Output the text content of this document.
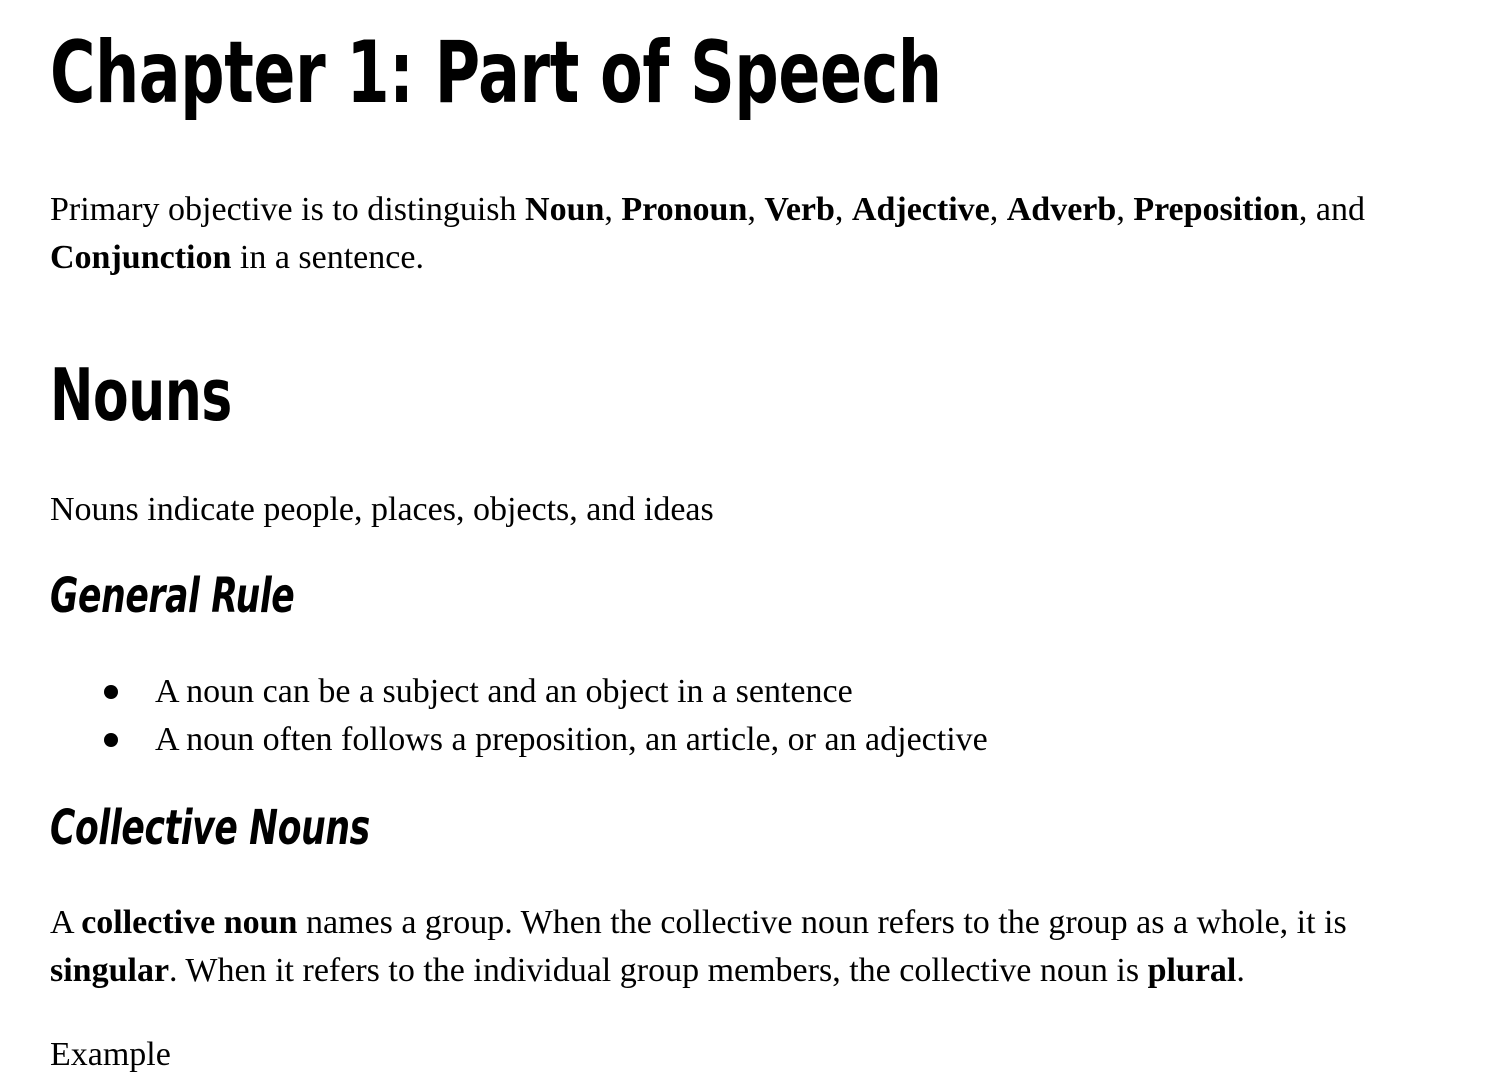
Chapter 1: Part of Speech

Primary objective is to distinguish Noun, Pronoun, Verb, Adjective, Adverb, Preposition, and Conjunction in a sentence.

Nouns

Nouns indicate people, places, objects, and ideas

General Rule
A noun can be a subject and an object in a sentence
A noun often follows a preposition, an article, or an adjective
Collective Nouns

A collective noun names a group. When the collective noun refers to the group as a whole, it is singular. When it refers to the individual group members, the collective noun is plural.

Example
